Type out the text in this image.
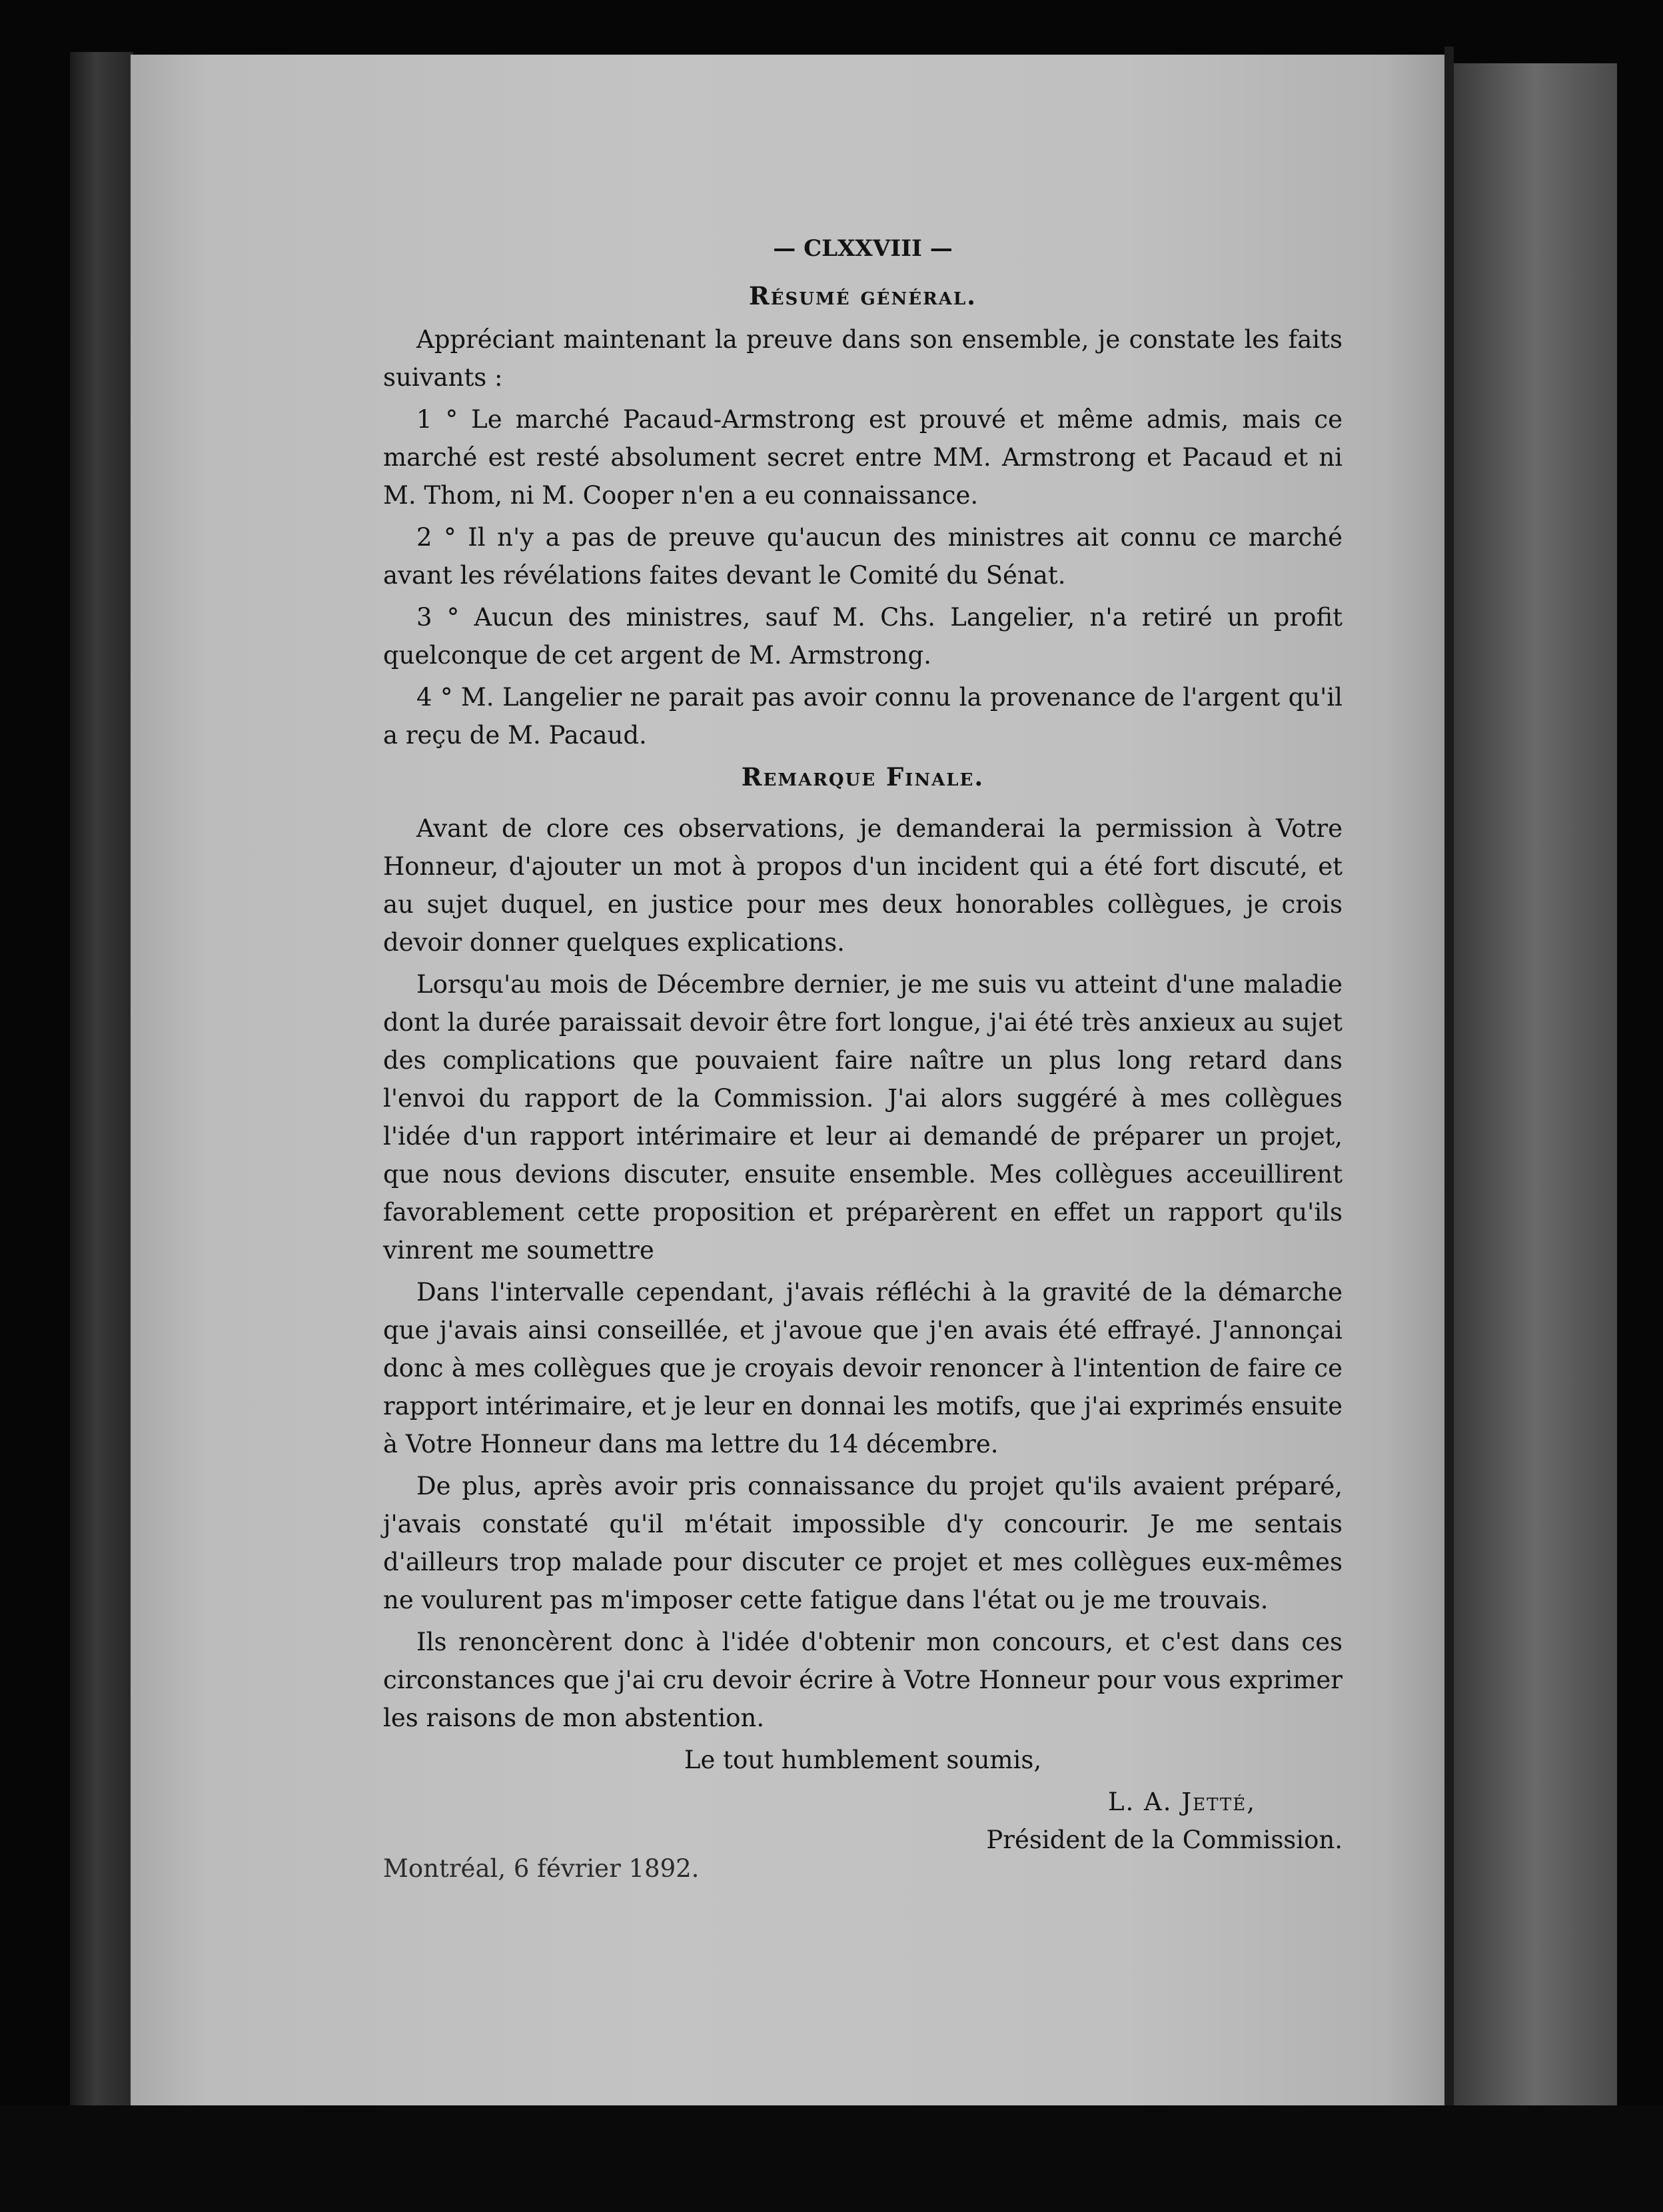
— CLXXVIII —

Résumé général.

Appréciant maintenant la preuve dans son ensemble, je constate les faits suivants :

1 ° Le marché Pacaud-Armstrong est prouvé et même admis, mais ce marché est resté absolument secret entre MM. Armstrong et Pacaud et ni M. Thom, ni M. Cooper n'en a eu connaissance.

2 ° Il n'y a pas de preuve qu'aucun des ministres ait connu ce marché avant les révélations faites devant le Comité du Sénat.

3 ° Aucun des ministres, sauf M. Chs. Langelier, n'a retiré un profit quelconque de cet argent de M. Armstrong.

4 ° M. Langelier ne parait pas avoir connu la provenance de l'argent qu'il a reçu de M. Pacaud.

Remarque Finale.

Avant de clore ces observations, je demanderai la permission à Votre Honneur, d'ajouter un mot à propos d'un incident qui a été fort discuté, et au sujet duquel, en justice pour mes deux honorables collègues, je crois devoir donner quelques explications.

Lorsqu'au mois de Décembre dernier, je me suis vu atteint d'une maladie dont la durée paraissait devoir être fort longue, j'ai été très anxieux au sujet des complications que pouvaient faire naître un plus long retard dans l'envoi du rapport de la Commission. J'ai alors suggéré à mes collègues l'idée d'un rapport intérimaire et leur ai demandé de préparer un projet, que nous devions discuter, ensuite ensemble. Mes collègues acceuillirent favorablement cette proposition et préparèrent en effet un rapport qu'ils vinrent me soumettre

Dans l'intervalle cependant, j'avais réfléchi à la gravité de la démarche que j'avais ainsi conseillée, et j'avoue que j'en avais été effrayé. J'annonçai donc à mes collègues que je croyais devoir renoncer à l'intention de faire ce rapport intérimaire, et je leur en donnai les motifs, que j'ai exprimés ensuite à Votre Honneur dans ma lettre du 14 décembre.

De plus, après avoir pris connaissance du projet qu'ils avaient préparé, j'avais constaté qu'il m'était impossible d'y concourir. Je me sentais d'ailleurs trop malade pour discuter ce projet et mes collègues eux-mêmes ne voulurent pas m'imposer cette fatigue dans l'état ou je me trouvais.

Ils renoncèrent donc à l'idée d'obtenir mon concours, et c'est dans ces circonstances que j'ai cru devoir écrire à Votre Honneur pour vous exprimer les raisons de mon abstention.

Le tout humblement soumis,

L. A. Jetté,

Président de la Commission.

Montréal, 6 février 1892.
